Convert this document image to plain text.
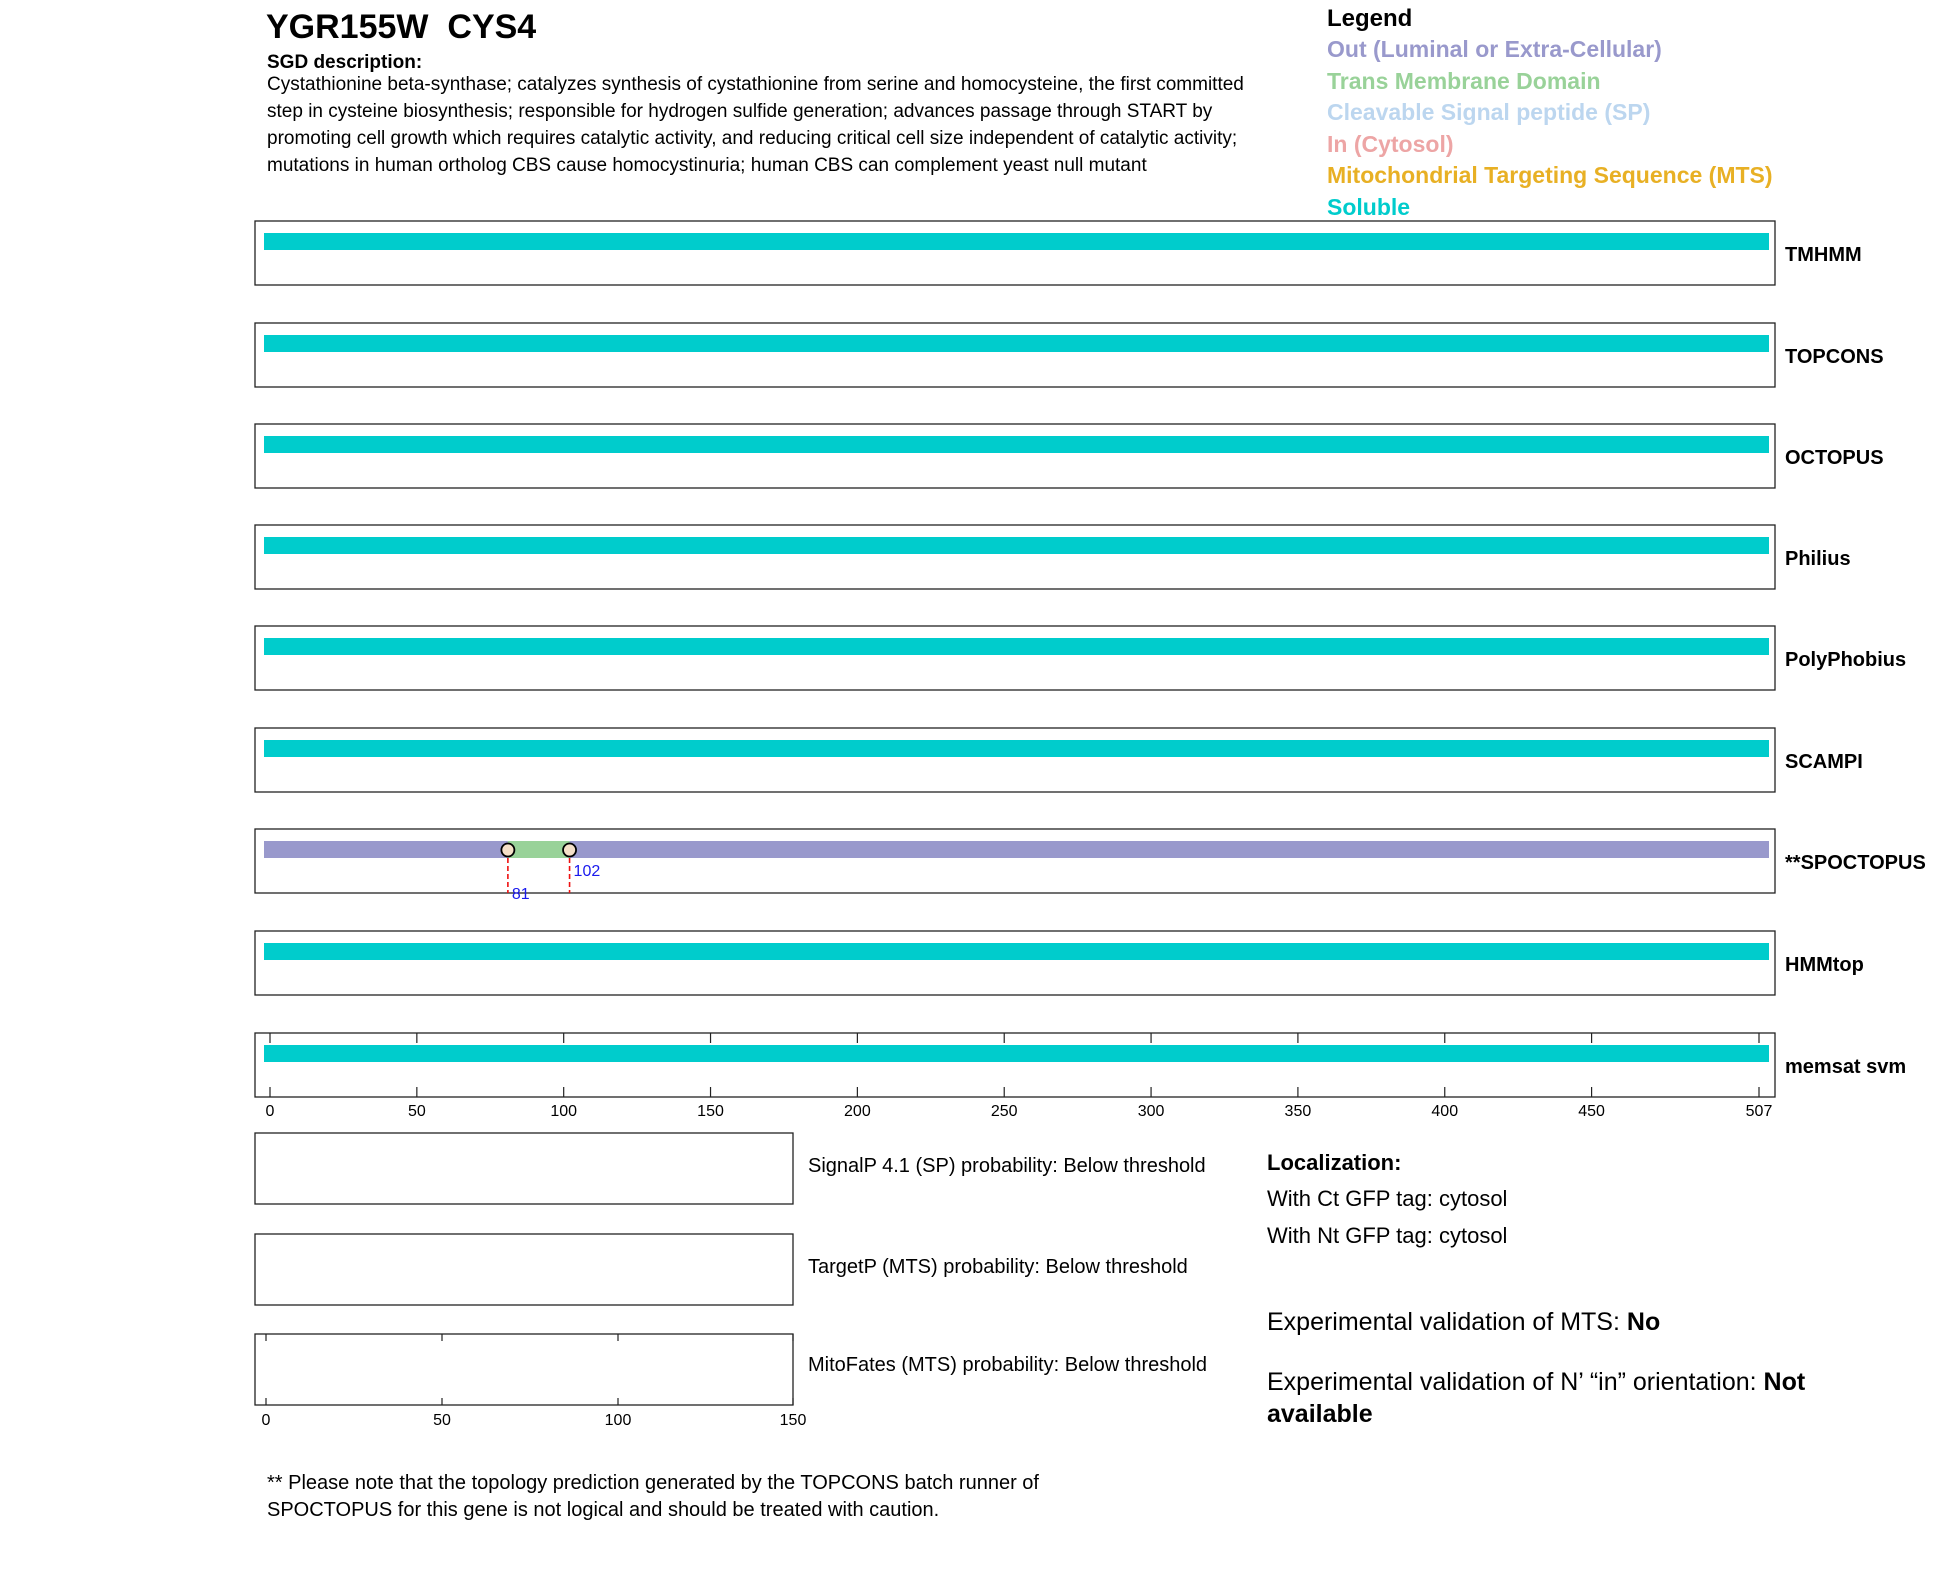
YGR155W  CYS4
SGD description:
Cystathionine beta-synthase; catalyzes synthesis of cystathionine from serine and homocysteine, the first committed step in cysteine biosynthesis; responsible for hydrogen sulfide generation; advances passage through START by promoting cell growth which requires catalytic activity, and reducing critical cell size independent of catalytic activity; mutations in human ortholog CBS cause homocystinuria; human CBS can complement yeast null mutant
Legend
Out (Luminal or Extra-Cellular)
Trans Membrane Domain
Cleavable Signal peptide (SP)
In (Cytosol)
Mitochondrial Targeting Sequence (MTS)
Soluble
TMHMM
TOPCONS
OCTOPUS
Philius
PolyPhobius
SCAMPI
81
102	**SPOCTOPUS
HMMtop
memsat svm
0	50	100	150	200	250	300	350	400	450	507
0	50	100	150
SignalP 4.1 (SP) probability: Below threshold
TargetP (MTS) probability: Below threshold
MitoFates (MTS) probability: Below threshold
Localization:
With Ct GFP tag: cytosol
With Nt GFP tag: cytosol
Experimental validation of MTS: No
Experimental validation of N’ “in” orientation: Not available
** Please note that the topology prediction generated by the TOPCONS batch runner of SPOCTOPUS for this gene is not logical and should be treated with caution.
